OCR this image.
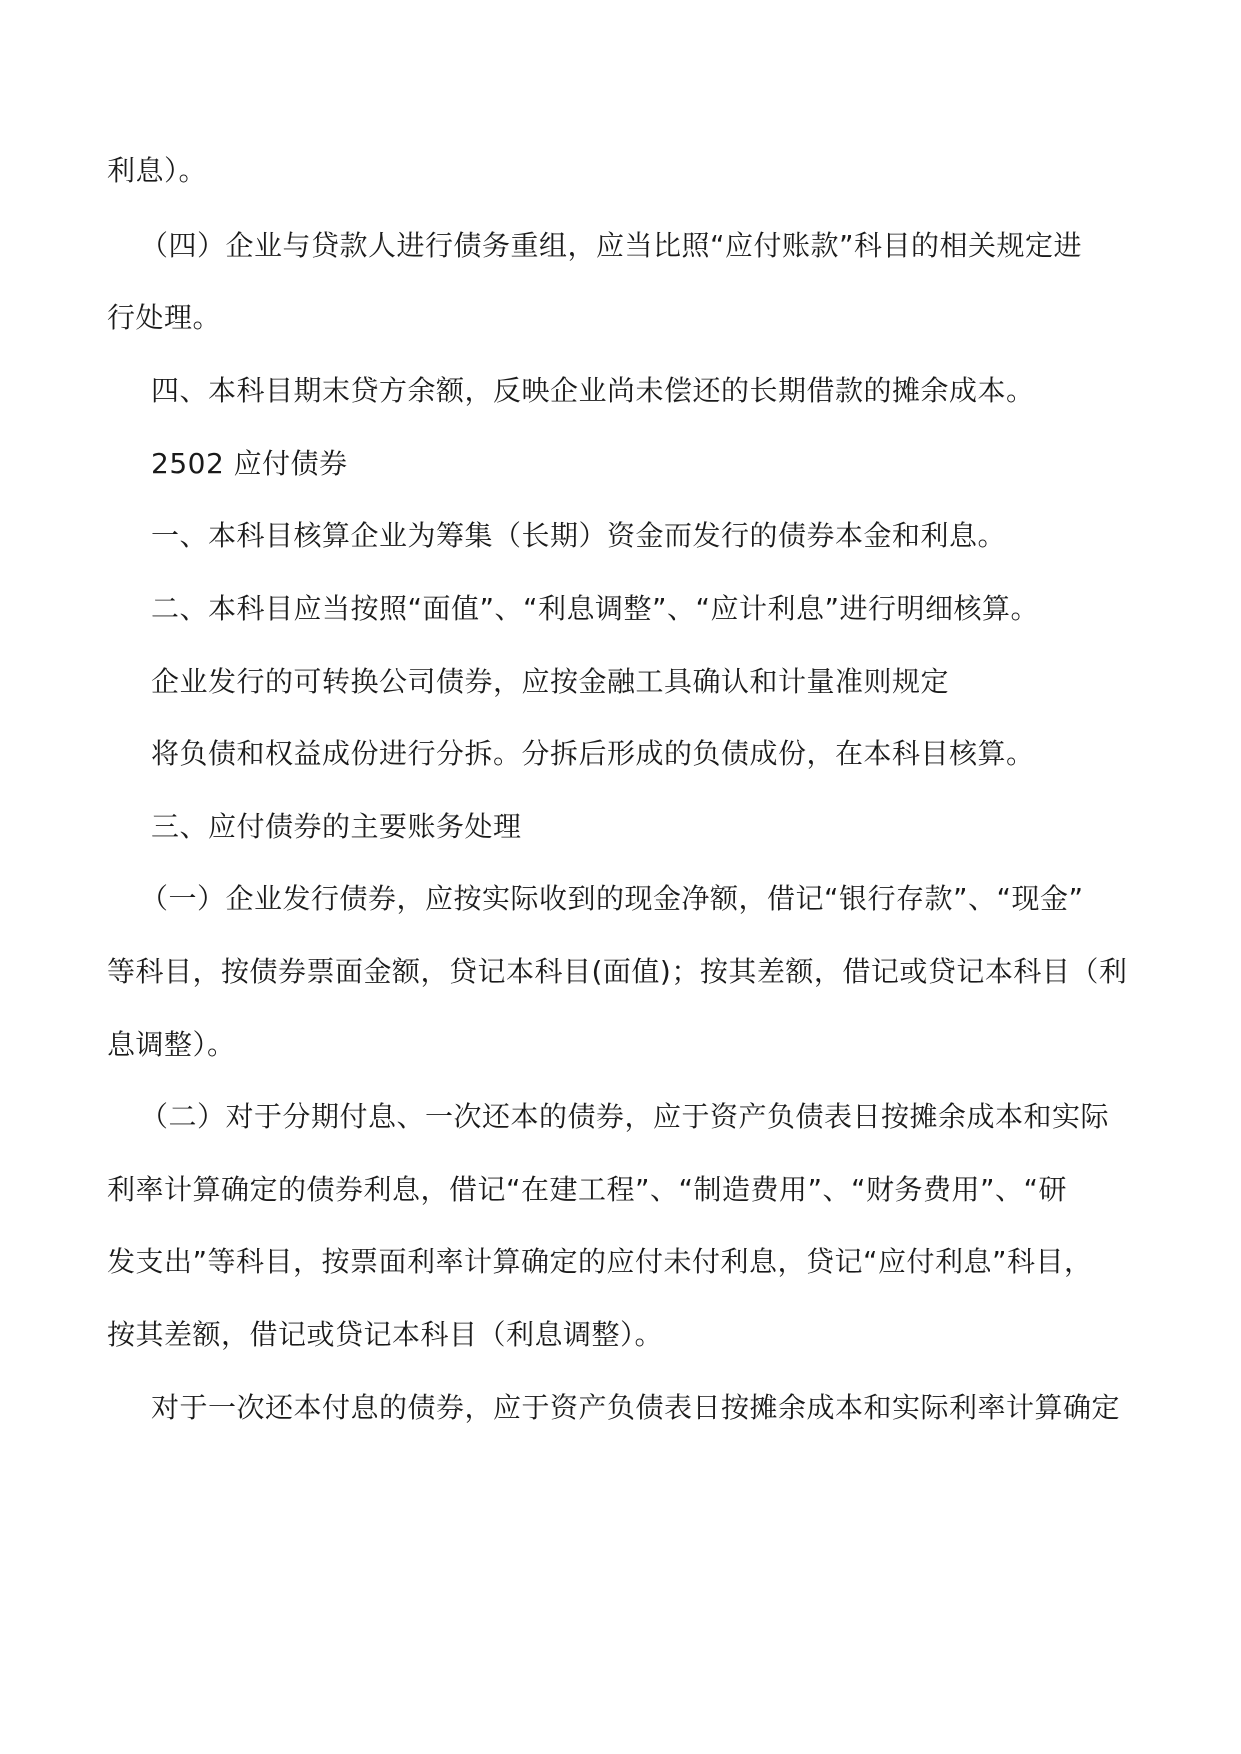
利息）。
（四）企业与贷款人进行债务重组，应当比照“应付账款”科目的相关规定进
行处理。
四、本科目期末贷方余额，反映企业尚未偿还的长期借款的摊余成本。
2502 应付债券
一、本科目核算企业为筹集（长期）资金而发行的债券本金和利息。
二、本科目应当按照“面值”、“利息调整”、“应计利息”进行明细核算。
企业发行的可转换公司债券，应按金融工具确认和计量准则规定
将负债和权益成份进行分拆。分拆后形成的负债成份，在本科目核算。
三、应付债券的主要账务处理
（一）企业发行债券，应按实际收到的现金净额，借记“银行存款”、“现金”
等科目，按债券票面金额，贷记本科目(面值)；按其差额，借记或贷记本科目（利
息调整）。
（二）对于分期付息、一次还本的债券，应于资产负债表日按摊余成本和实际
利率计算确定的债券利息，借记“在建工程”、“制造费用”、“财务费用”、“研
发支出”等科目，按票面利率计算确定的应付未付利息，贷记“应付利息”科目，
按其差额，借记或贷记本科目（利息调整）。
对于一次还本付息的债券，应于资产负债表日按摊余成本和实际利率计算确定
